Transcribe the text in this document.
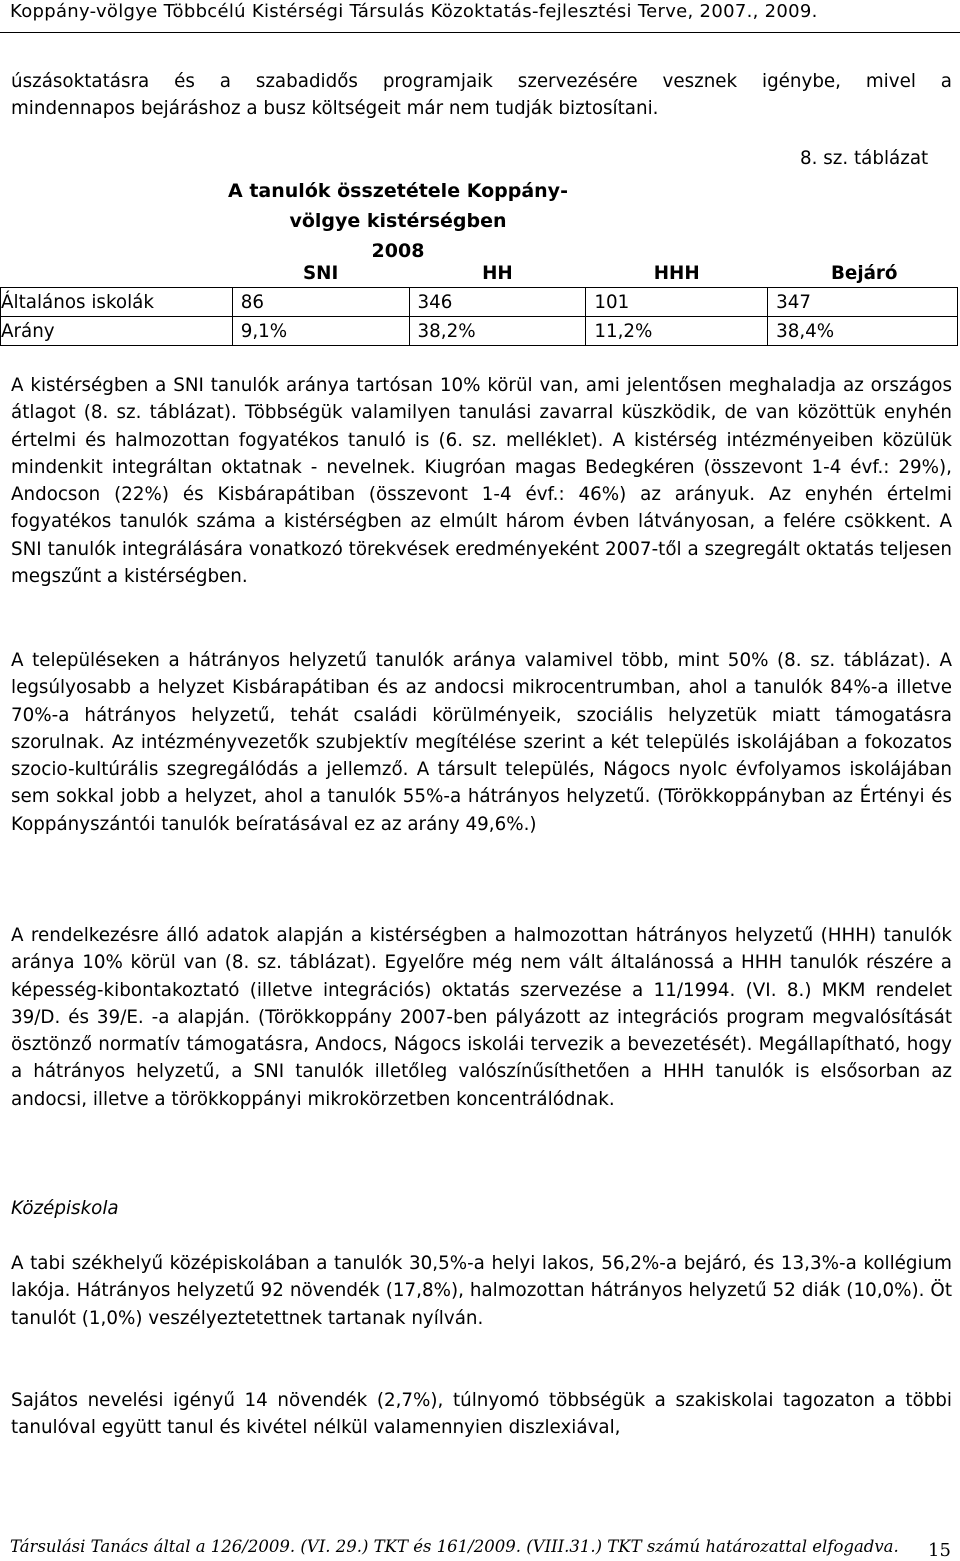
Koppány-völgye Többcélú Kistérségi Társulás Közoktatás-fejlesztési Terve, 2007., 2009.

úszásoktatásra és a szabadidős programjaik szervezésére vesznek igénybe, mivel a
mindennapos bejáráshoz a busz költségeit már nem tudják biztosítani.

8. sz. táblázat
A tanulók összetétele Koppány-völgye kistérségben
2008
	SNI	HH	HHH	Bejáró
Általános iskolák	86	346	101	347
Arány	9,1%	38,2%	11,2%	38,4%

A kistérségben a SNI tanulók aránya tartósan 10% körül van, ami jelentősen meghaladja az országos átlagot (8. sz. táblázat). Többségük valamilyen tanulási zavarral küszködik, de van közöttük enyhén értelmi és halmozottan fogyatékos tanuló is (6. sz. melléklet). A kistérség intézményeiben közülük mindenkit integráltan oktatnak - nevelnek. Kiugróan magas Bedegkéren (összevont 1-4 évf.: 29%), Andocson (22%) és Kisbárapátiban (összevont 1-4 évf.: 46%) az arányuk. Az enyhén értelmi fogyatékos tanulók száma a kistérségben az elmúlt három évben látványosan, a felére csökkent. A SNI tanulók integrálására vonatkozó törekvések eredményeként 2007-től a szegregált oktatás teljesen megszűnt a kistérségben.

A településeken a hátrányos helyzetű tanulók aránya valamivel több, mint 50% (8. sz. táblázat). A legsúlyosabb a helyzet Kisbárapátiban és az andocsi mikrocentrumban, ahol a tanulók 84%-a illetve 70%-a hátrányos helyzetű, tehát családi körülményeik, szociális helyzetük miatt támogatásra szorulnak. Az intézményvezetők szubjektív megítélése szerint a két település iskolájában a fokozatos szocio-kultúrális szegregálódás a jellemző. A társult település, Nágocs nyolc évfolyamos iskolájában sem sokkal jobb a helyzet, ahol a tanulók 55%-a hátrányos helyzetű. (Törökkoppányban az Értényi és Koppányszántói tanulók beíratásával ez az arány 49,6%.)

A rendelkezésre álló adatok alapján a kistérségben a halmozottan hátrányos helyzetű (HHH) tanulók aránya 10% körül van (8. sz. táblázat). Egyelőre még nem vált általánossá a HHH tanulók részére a képesség-kibontakoztató (illetve integrációs) oktatás szervezése a 11/1994. (VI. 8.) MKM rendelet 39/D. és 39/E. -a alapján. (Törökkoppány 2007-ben pályázott az integrációs program megvalósítását ösztönző normatív támogatásra, Andocs, Nágocs iskolái tervezik a bevezetését). Megállapítható, hogy a hátrányos helyzetű, a SNI tanulók illetőleg valószínűsíthetően a HHH tanulók is elsősorban az andocsi, illetve a törökkoppányi mikrokörzetben koncentrálódnak.

Középiskola

A tabi székhelyű középiskolában a tanulók 30,5%-a helyi lakos, 56,2%-a bejáró, és 13,3%-a kollégium lakója. Hátrányos helyzetű 92 növendék (17,8%), halmozottan hátrányos helyzetű 52 diák (10,0%). Öt tanulót (1,0%) veszélyeztetettnek tartanak nyílván.

Sajátos nevelési igényű 14 növendék (2,7%), túlnyomó többségük a szakiskolai tagozaton a többi tanulóval együtt tanul és kivétel nélkül valamennyien diszlexiával,

Társulási Tanács által a 126/2009. (VI. 29.) TKT és 161/2009. (VIII.31.) TKT számú határozattal elfogadva. 15
